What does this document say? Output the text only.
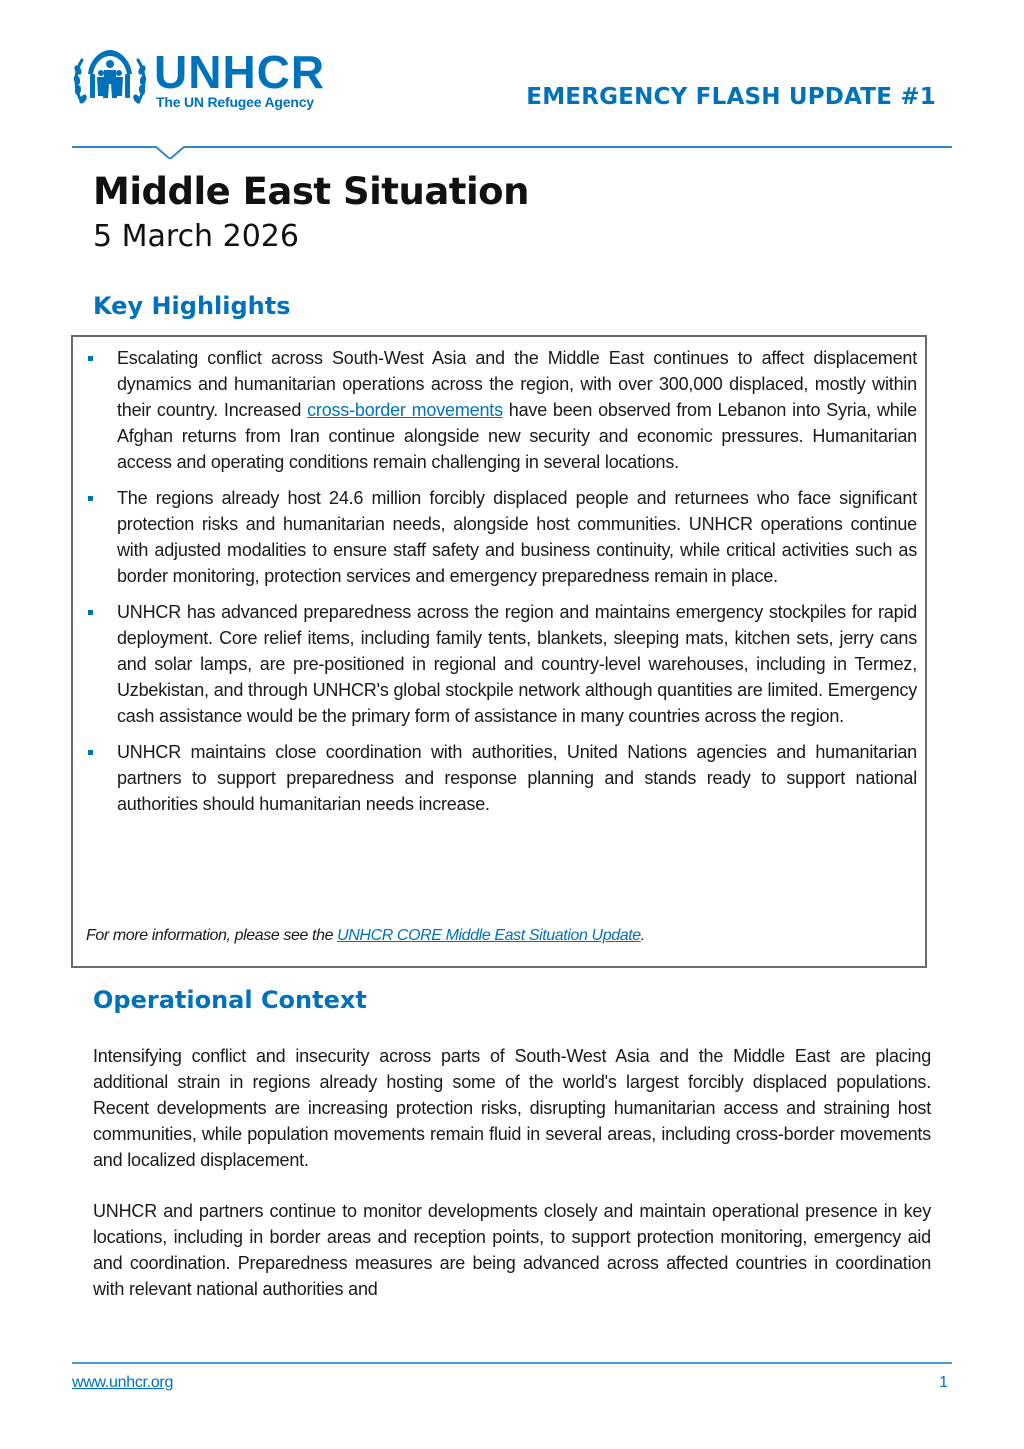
UNHCR
The UN Refugee Agency	EMERGENCY FLASH UPDATE #1
Middle East Situation
5 March 2026
Key Highlights
Escalating conflict across South-West Asia and the Middle East continues to affect displacement dynamics and humanitarian operations across the region, with over 300,000 displaced, mostly within their country. Increased cross-border movements have been observed from Lebanon into Syria, while Afghan returns from Iran continue alongside new security and economic pressures. Humanitarian access and operating conditions remain challenging in several locations.
The regions already host 24.6 million forcibly displaced people and returnees who face significant protection risks and humanitarian needs, alongside host communities. UNHCR operations continue with adjusted modalities to ensure staff safety and business continuity, while critical activities such as border monitoring, protection services and emergency preparedness remain in place.
UNHCR has advanced preparedness across the region and maintains emergency stockpiles for rapid deployment. Core relief items, including family tents, blankets, sleeping mats, kitchen sets, jerry cans and solar lamps, are pre-positioned in regional and country-level warehouses, including in Termez, Uzbekistan, and through UNHCR's global stockpile network although quantities are limited. Emergency cash assistance would be the primary form of assistance in many countries across the region.
UNHCR maintains close coordination with authorities, United Nations agencies and humanitarian partners to support preparedness and response planning and stands ready to support national authorities should humanitarian needs increase.
For more information, please see the UNHCR CORE Middle East Situation Update.
Operational Context

Intensifying conflict and insecurity across parts of South-West Asia and the Middle East are placing additional strain in regions already hosting some of the world's largest forcibly displaced populations. Recent developments are increasing protection risks, disrupting humanitarian access and straining host communities, while population movements remain fluid in several areas, including cross-border movements and localized displacement.

UNHCR and partners continue to monitor developments closely and maintain operational presence in key locations, including in border areas and reception points, to support protection monitoring, emergency aid and coordination. Preparedness measures are being advanced across affected countries in coordination with relevant national authorities and

www.unhcr.org	1
